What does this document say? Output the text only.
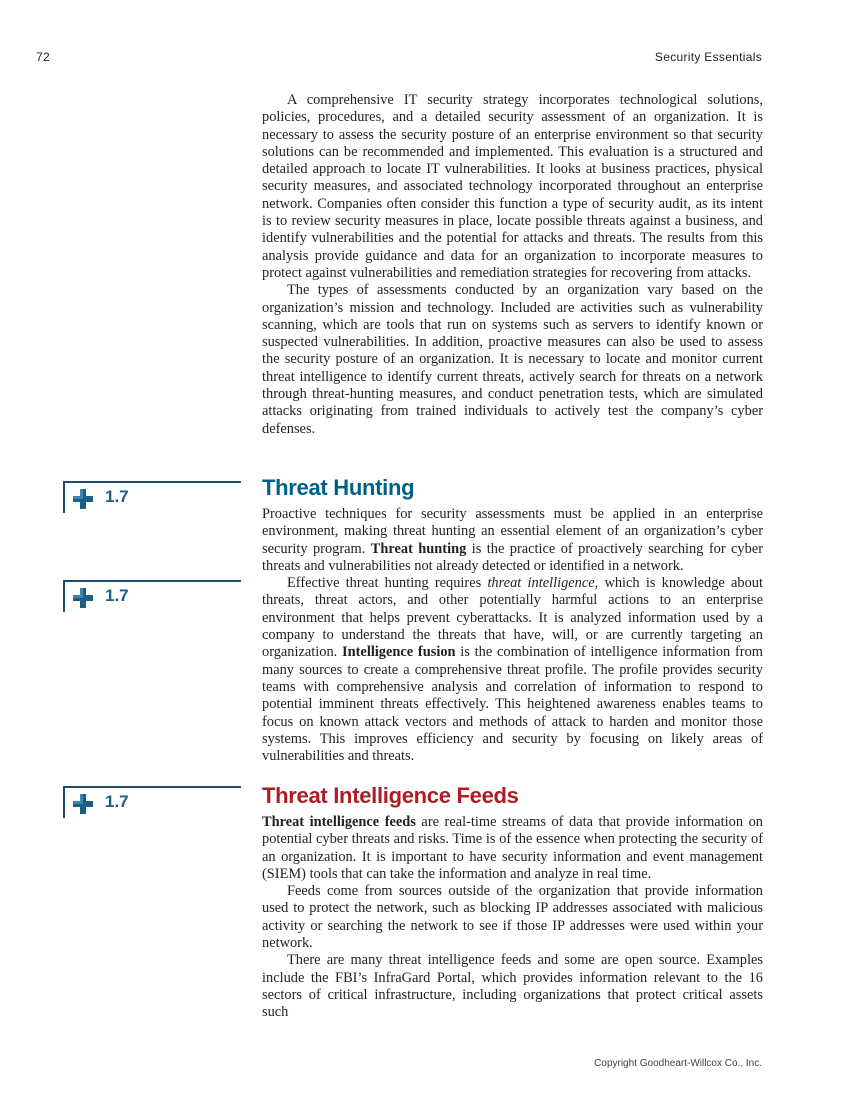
72	Security Essentials

A comprehensive IT security strategy incorporates technological solutions, policies, procedures, and a detailed security assessment of an organization. It is necessary to assess the security posture of an enterprise environment so that security solutions can be recommended and implemented. This evaluation is a structured and detailed approach to locate IT vulnerabilities. It looks at business practices, physical security measures, and associated technology incorporated throughout an enterprise network. Companies often consider this function a type of security audit, as its intent is to review security measures in place, locate possible threats against a business, and identify vulnerabilities and the potential for attacks and threats. The results from this analysis provide guidance and data for an organization to incorporate measures to protect against vulnerabilities and remediation strategies for recovering from attacks.

The types of assessments conducted by an organization vary based on the organization’s mission and technology. Included are activities such as vulnerability scanning, which are tools that run on systems such as servers to identify known or suspected vulnerabilities. In addition, proactive measures can also be used to assess the security posture of an organization. It is necessary to locate and monitor current threat intelligence to identify current threats, actively search for threats on a network through threat-hunting measures, and conduct penetration tests, which are simulated attacks originating from trained individuals to actively test the company’s cyber defenses.

1.7
1.7
1.7
Threat Hunting

Proactive techniques for security assessments must be applied in an enterprise environment, making threat hunting an essential element of an organization’s cyber security program. Threat hunting is the practice of proactively searching for cyber threats and vulnerabilities not already detected or identified in a network.

Effective threat hunting requires threat intelligence, which is knowledge about threats, threat actors, and other potentially harmful actions to an enterprise environment that helps prevent cyberattacks. It is analyzed information used by a company to understand the threats that have, will, or are currently targeting an organization. Intelligence fusion is the combination of intelligence information from many sources to create a comprehensive threat profile. The profile provides security teams with comprehensive analysis and correlation of information to respond to potential imminent threats effectively. This heightened awareness enables teams to focus on known attack vectors and methods of attack to harden and monitor those systems. This improves efficiency and security by focusing on likely areas of vulnerabilities and threats.

Threat Intelligence Feeds

Threat intelligence feeds are real-time streams of data that provide information on potential cyber threats and risks. Time is of the essence when protecting the security of an organization. It is important to have security information and event management (SIEM) tools that can take the information and analyze in real time.

Feeds come from sources outside of the organization that provide information used to protect the network, such as blocking IP addresses associated with malicious activity or searching the network to see if those IP addresses were used within your network.

There are many threat intelligence feeds and some are open source. Examples include the FBI’s InfraGard Portal, which provides information relevant to the 16 sectors of critical infrastructure, including organizations that protect critical assets such

Copyright Goodheart-Willcox Co., Inc.
